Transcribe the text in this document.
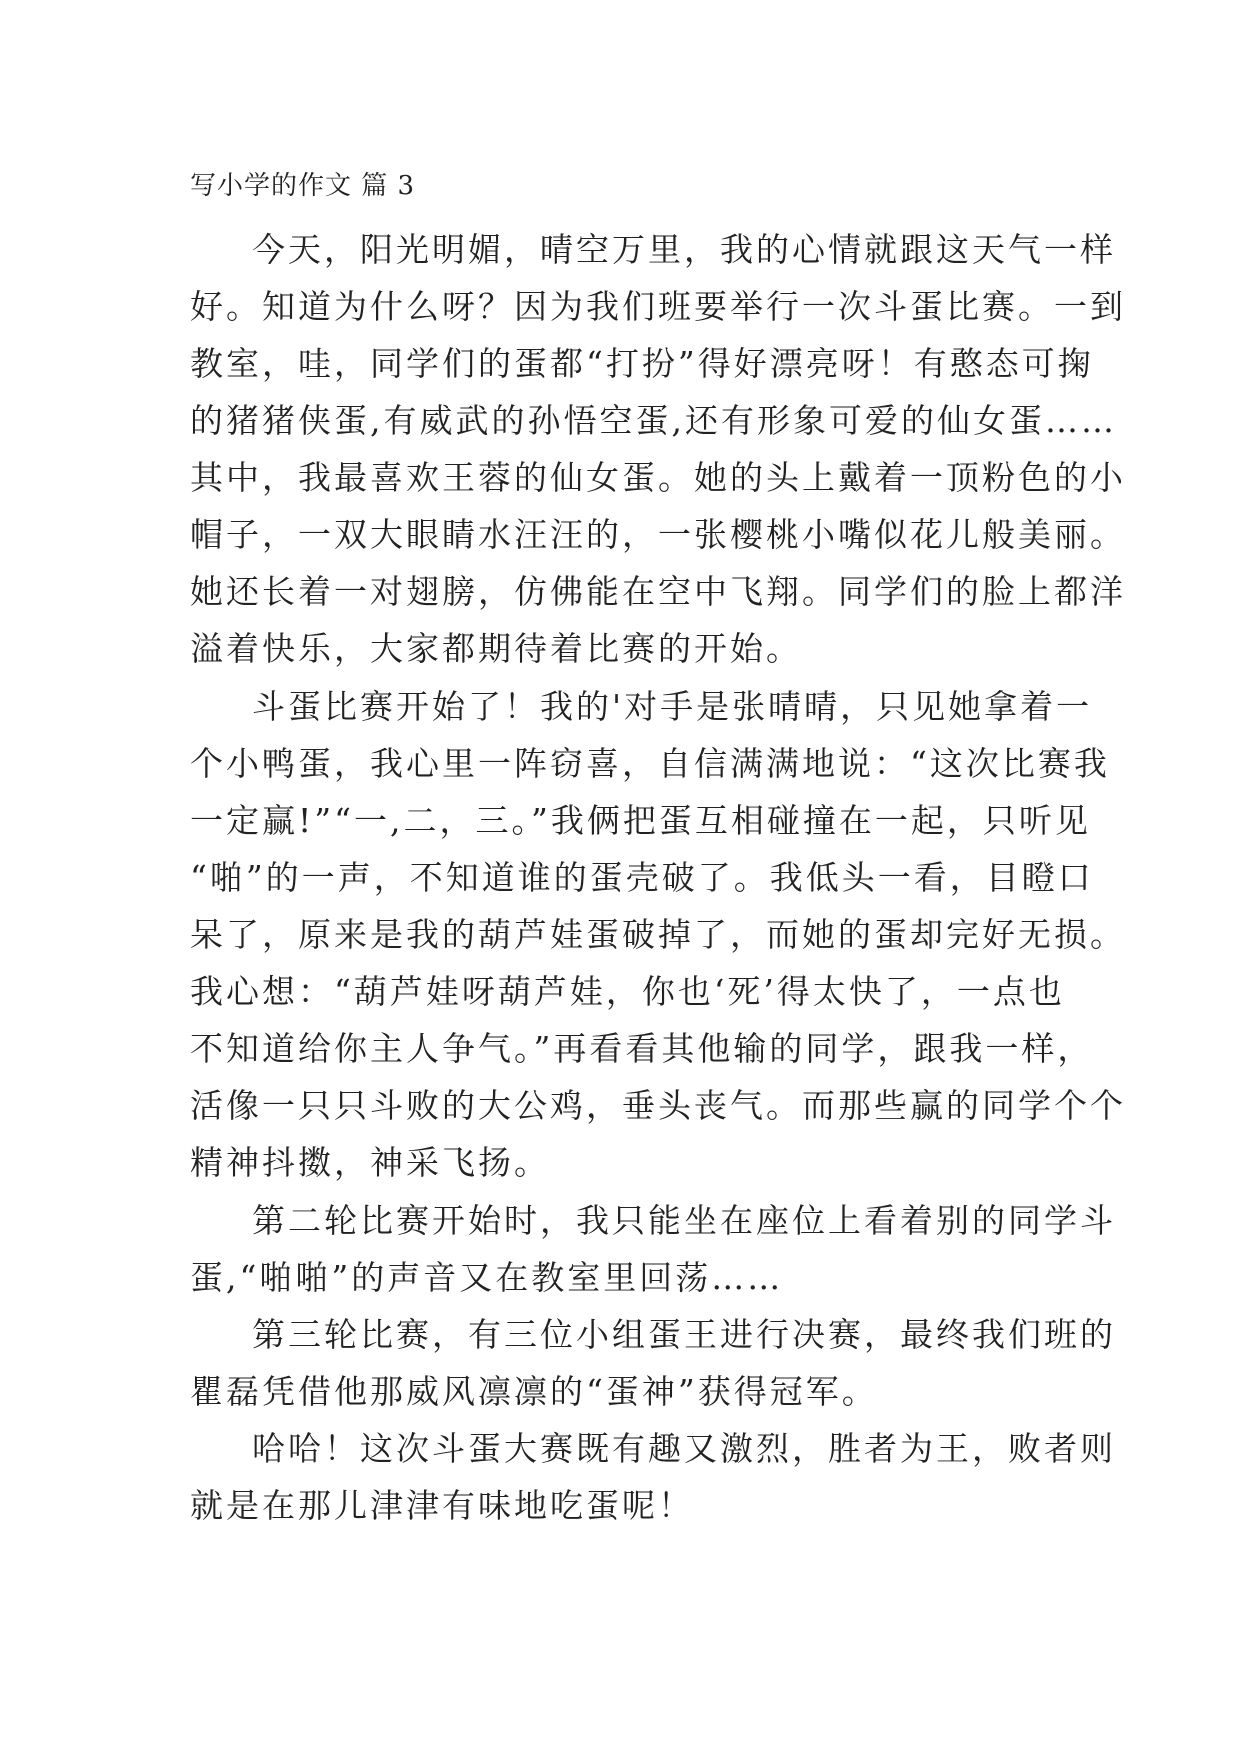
写小学的作文 篇 3
今天，阳光明媚，晴空万里，我的心情就跟这天气一样
好。知道为什么呀？因为我们班要举行一次斗蛋比赛。一到
教室，哇，同学们的蛋都“打扮”得好漂亮呀！有憨态可掬
的猪猪侠蛋,有威武的孙悟空蛋,还有形象可爱的仙女蛋……
其中，我最喜欢王蓉的仙女蛋。她的头上戴着一顶粉色的小
帽子，一双大眼睛水汪汪的，一张樱桃小嘴似花儿般美丽。
她还长着一对翅膀，仿佛能在空中飞翔。同学们的脸上都洋
溢着快乐，大家都期待着比赛的开始。
斗蛋比赛开始了！我的'对手是张晴晴，只见她拿着一
个小鸭蛋，我心里一阵窃喜，自信满满地说：“这次比赛我
一定赢!”“一,二，三。”我俩把蛋互相碰撞在一起，只听见
“啪”的一声，不知道谁的蛋壳破了。我低头一看，目瞪口
呆了，原来是我的葫芦娃蛋破掉了，而她的蛋却完好无损。
我心想：“葫芦娃呀葫芦娃，你也‘死’得太快了，一点也
不知道给你主人争气。”再看看其他输的同学，跟我一样，
活像一只只斗败的大公鸡，垂头丧气。而那些赢的同学个个
精神抖擞，神采飞扬。
第二轮比赛开始时，我只能坐在座位上看着别的同学斗
蛋,“啪啪”的声音又在教室里回荡……
第三轮比赛，有三位小组蛋王进行决赛，最终我们班的
瞿磊凭借他那威风凛凛的“蛋神”获得冠军。
哈哈！这次斗蛋大赛既有趣又激烈，胜者为王，败者则
就是在那儿津津有味地吃蛋呢！
